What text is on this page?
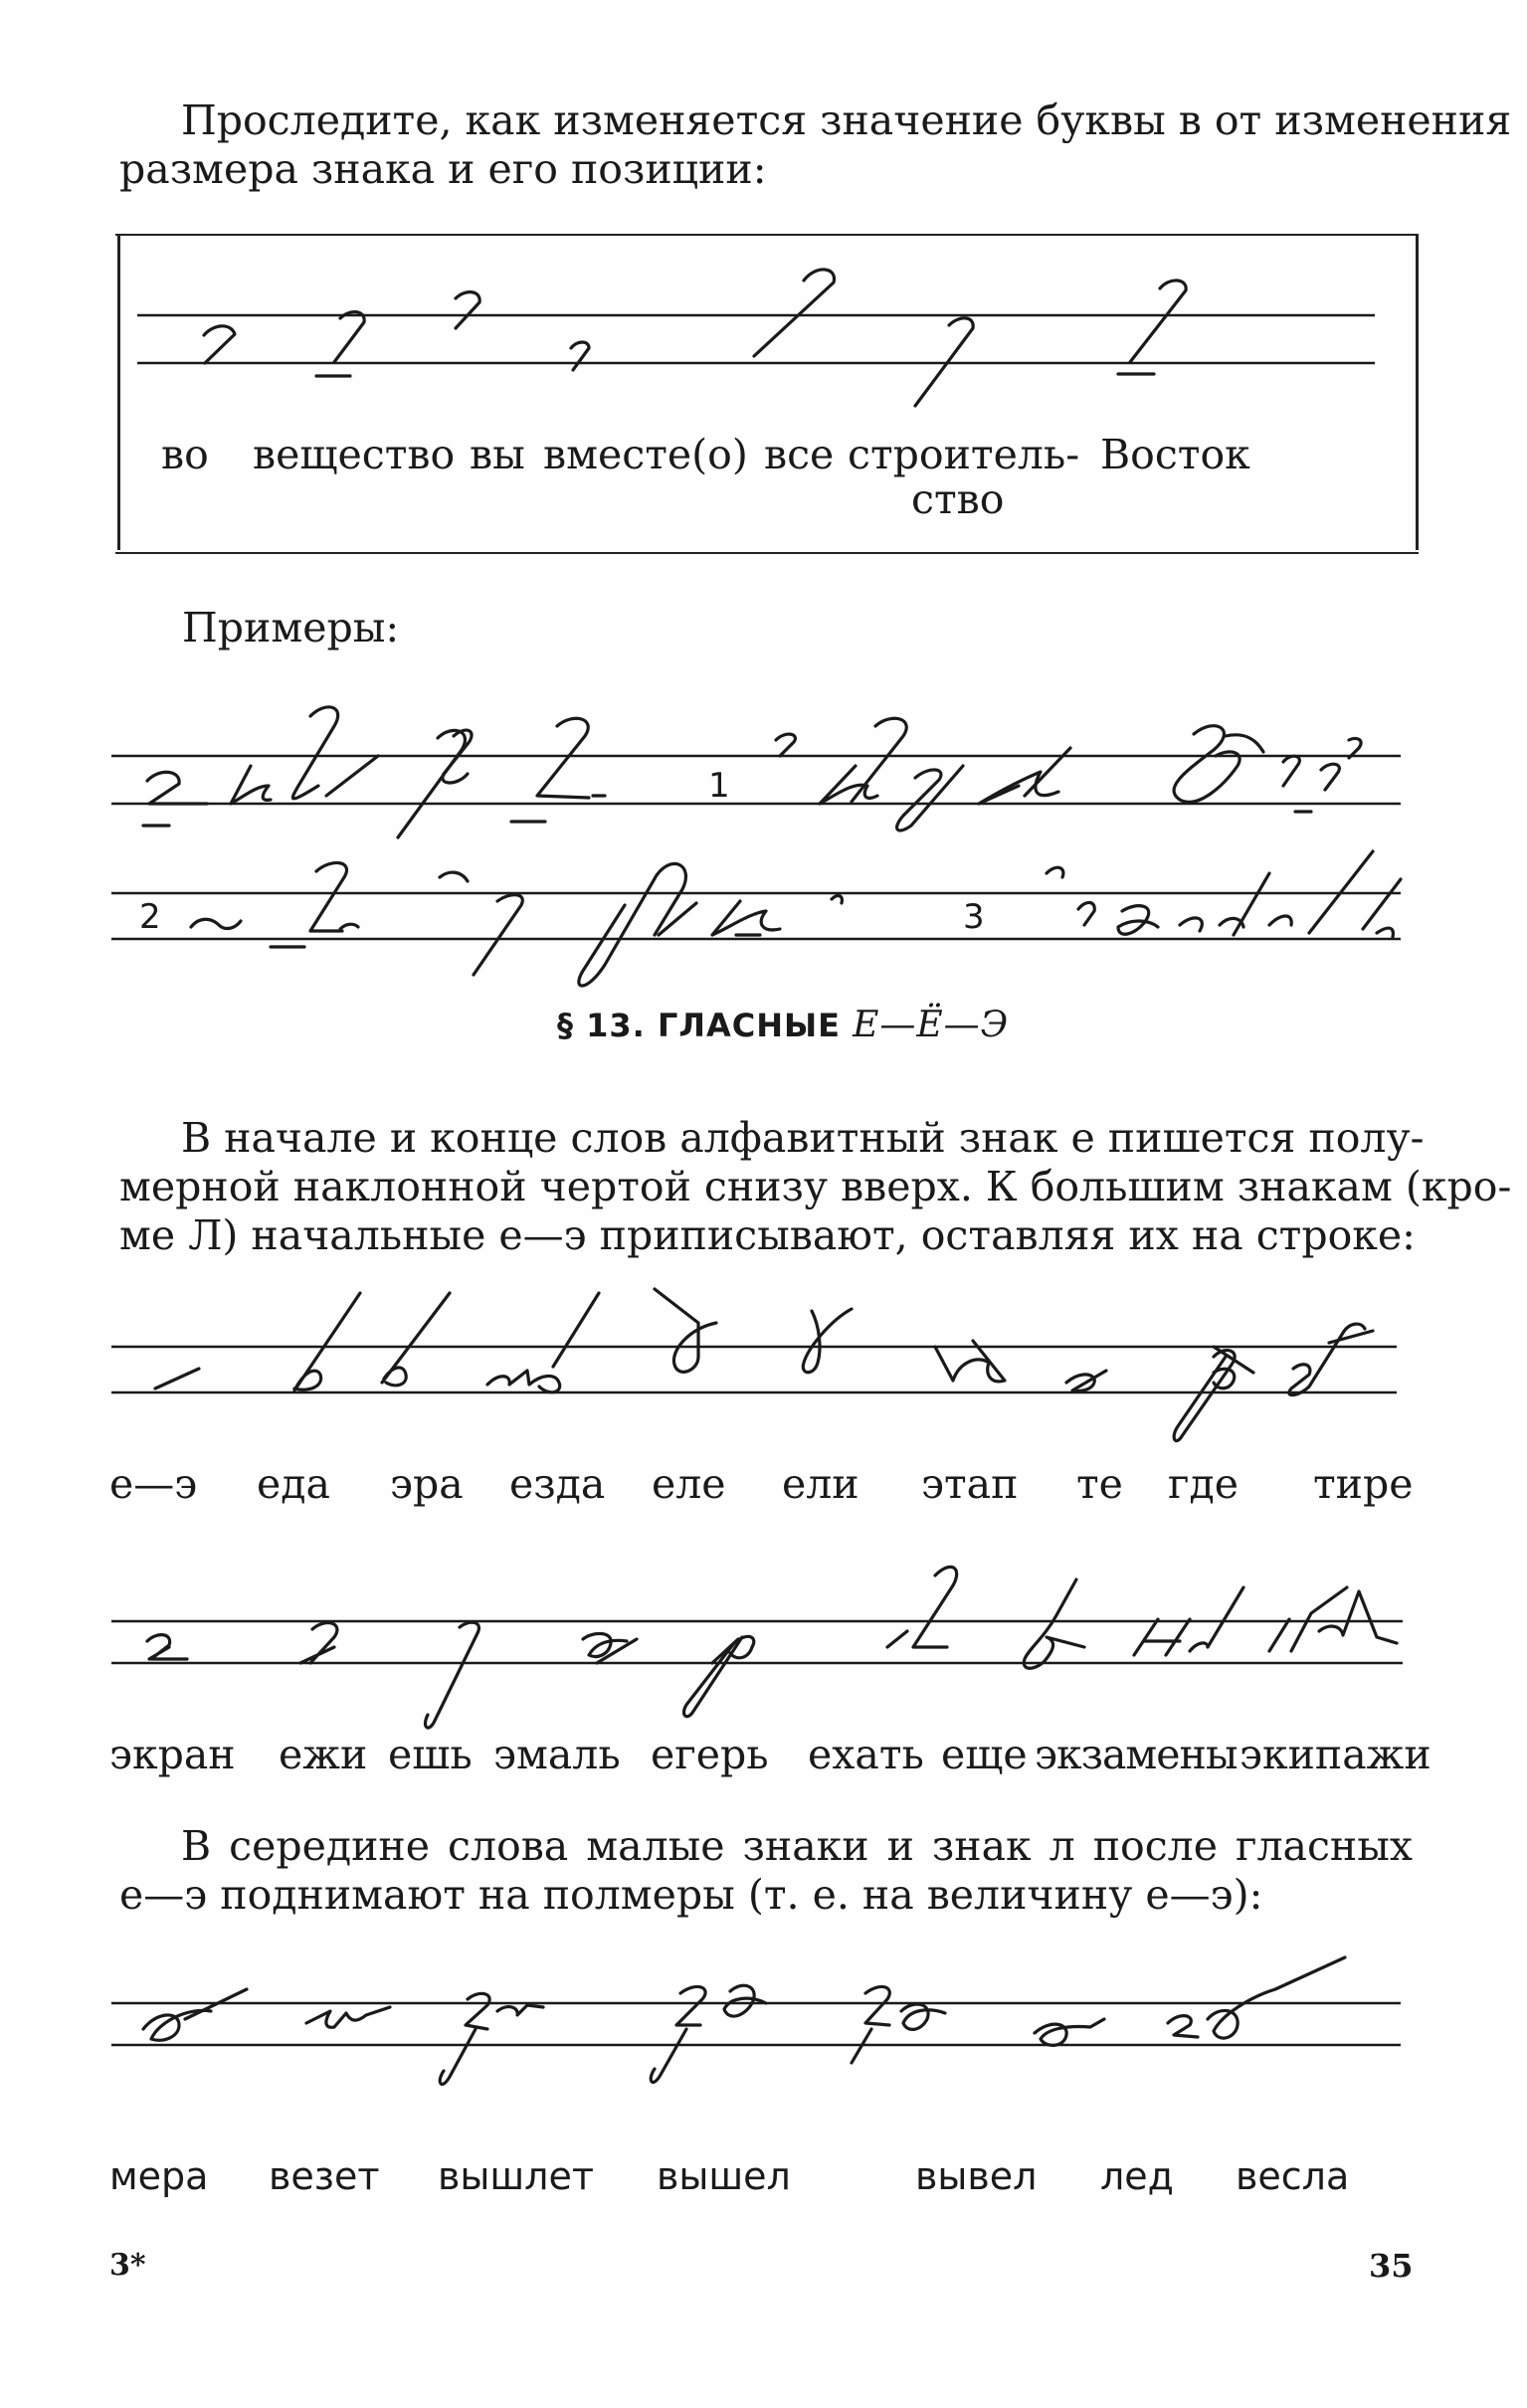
Проследите, как изменяется значение буквы в от изменения
размера знака и его позиции:
во вещество вы вместе(о) все строитель- Восток
ство
Примеры:
1
2	3
§ 13. ГЛАСНЫЕ Е—Ё—Э
В начале и конце слов алфавитный знак е пишется полу-
мерной наклонной чертой снизу вверх. К большим знакам (кро-
ме Л) начальные е—э приписывают, оставляя их на строке:
е—э еда эра езда еле ели этап те где тире
экран ежи ешь эмаль егерь ехать еще экзамены экипажи
В середине слова малые знаки и знак л после гласных
е—э поднимают на полмеры (т. е. на величину е—э):
мера везет вышлет вышел	вывел лед весла
3*	35
